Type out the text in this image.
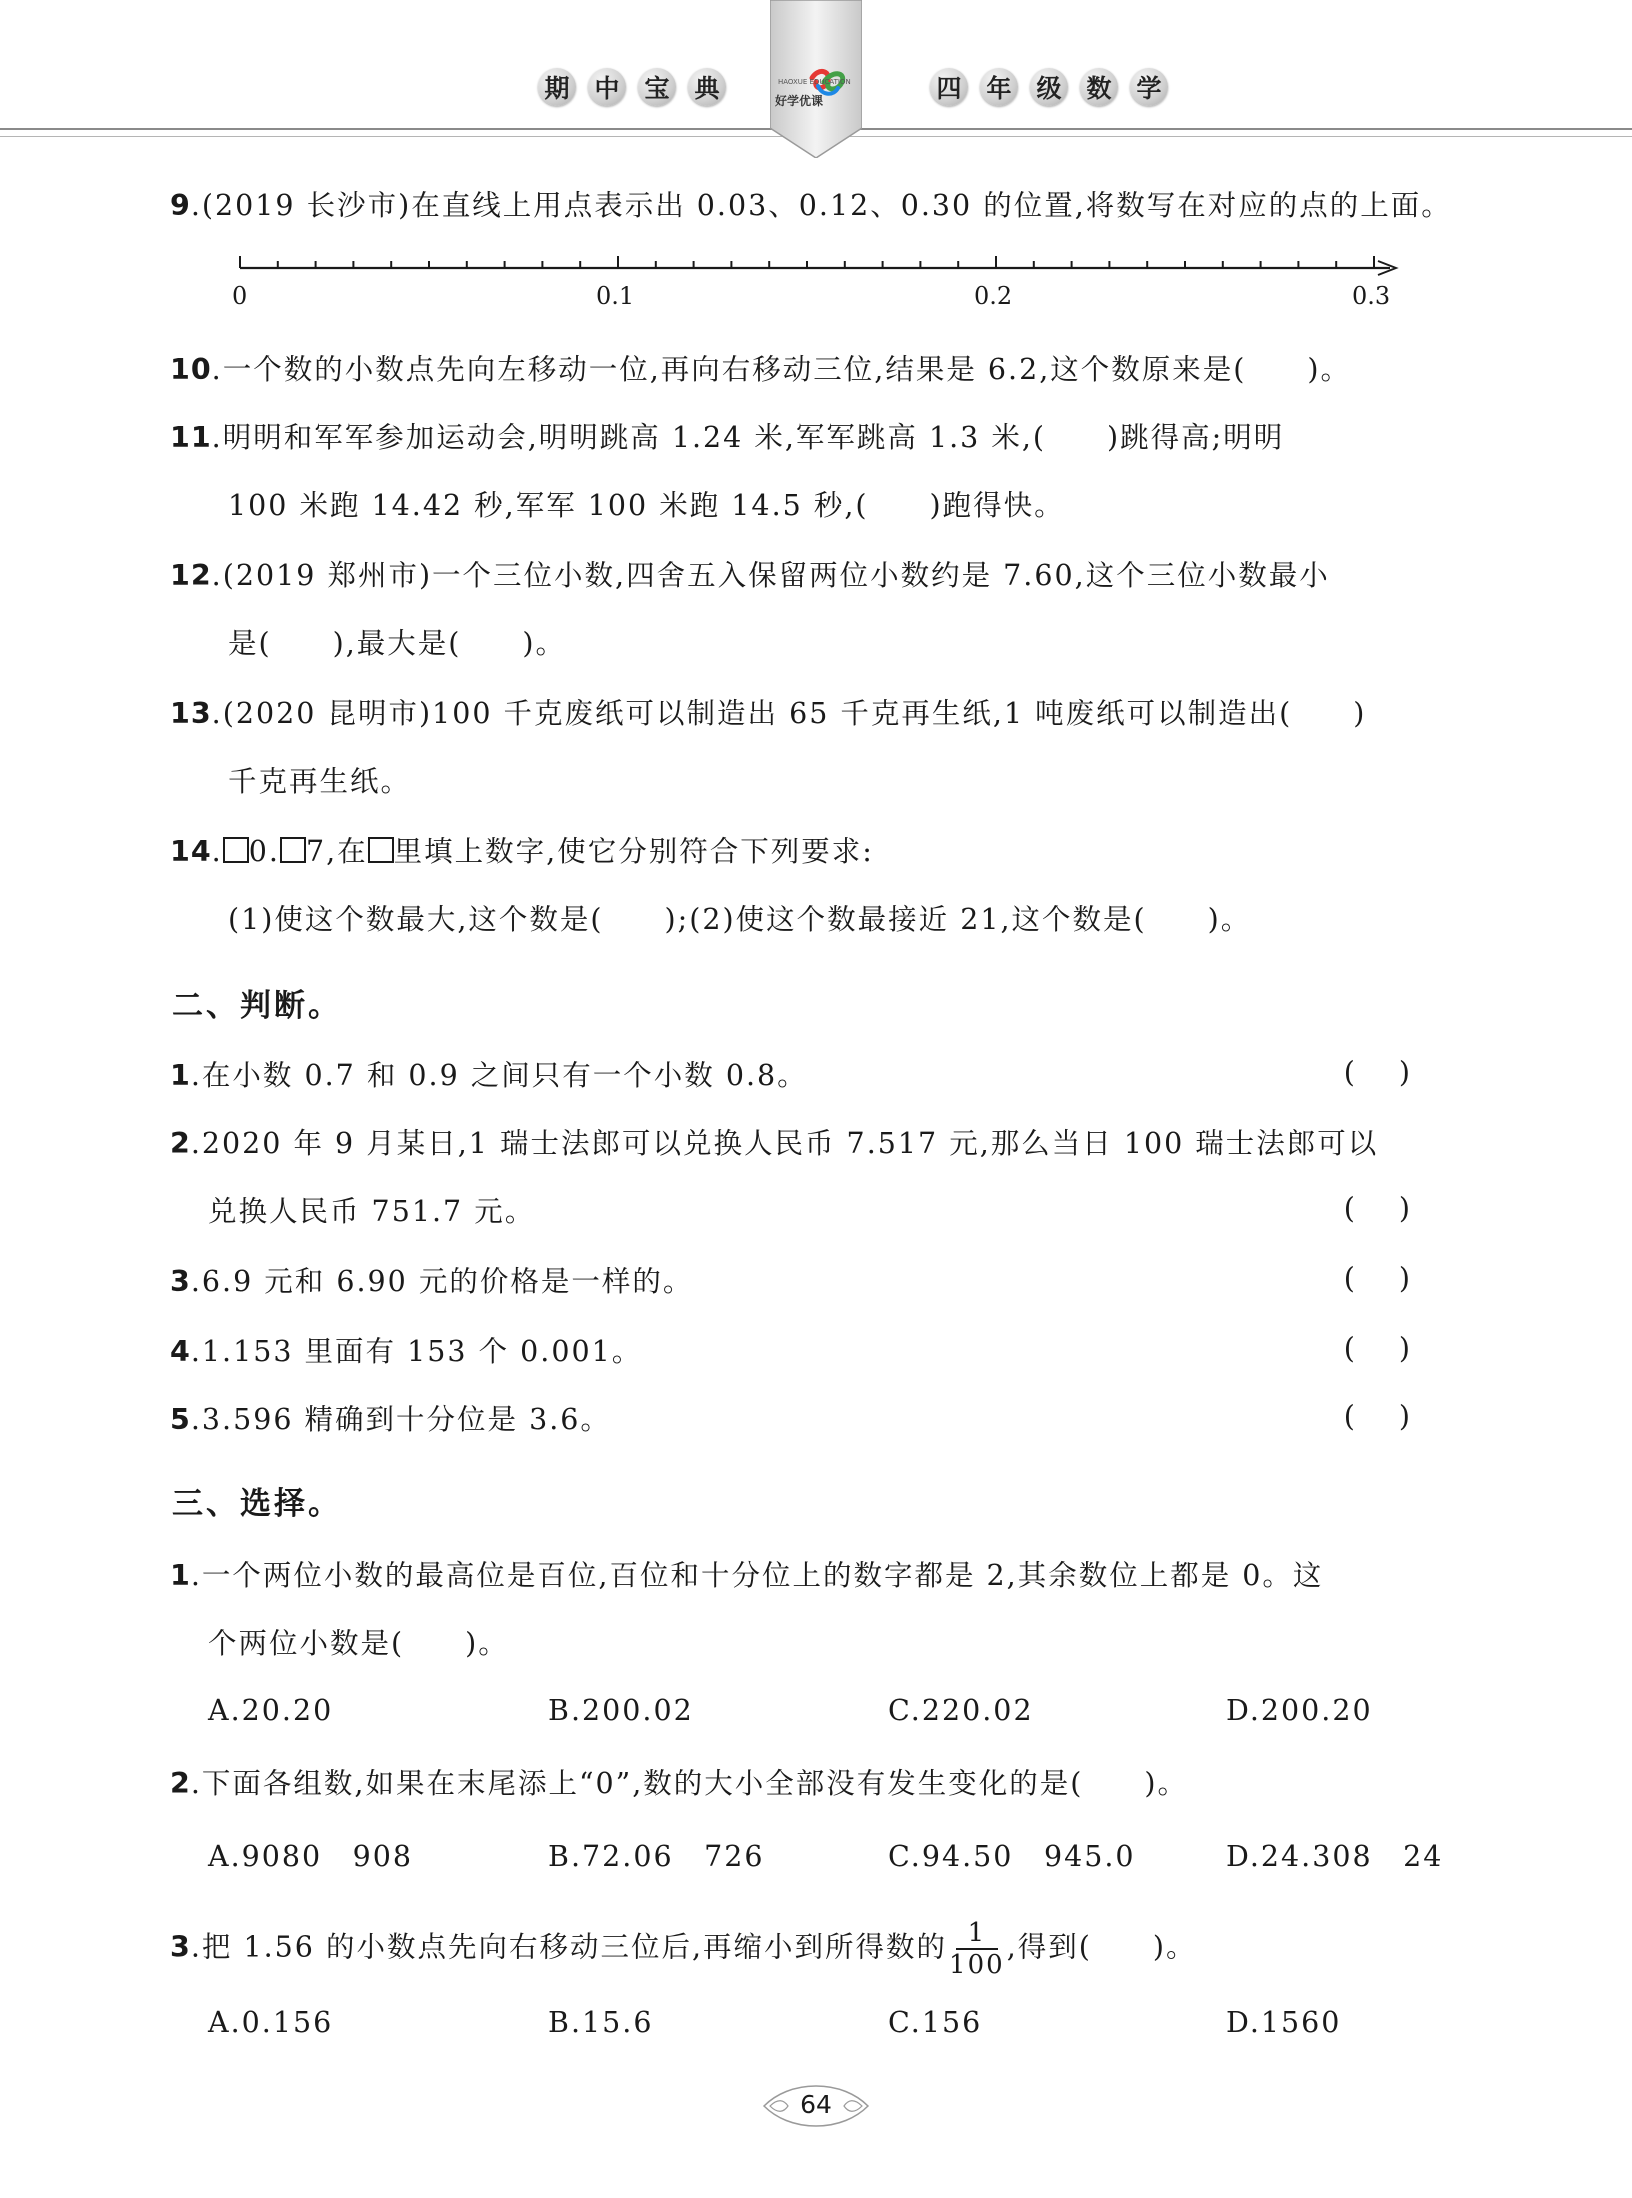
期 中 宝 典	HAOXUE EDUCATION
好学优课	四 年 级 数 学

9.(2019 长沙市)在直线上用点表示出 0.03、0.12、0.30 的位置,将数写在对应的点的上面。

0	0.1	0.2	0.3

10.一个数的小数点先向左移动一位,再向右移动三位,结果是 6.2,这个数原来是(　　)。

11.明明和军军参加运动会,明明跳高 1.24 米,军军跳高 1.3 米,(　　)跳得高;明明

100 米跑 14.42 秒,军军 100 米跑 14.5 秒,(　　)跑得快。

12.(2019 郑州市)一个三位小数,四舍五入保留两位小数约是 7.60,这个三位小数最小

是(　　),最大是(　　)。

13.(2020 昆明市)100 千克废纸可以制造出 65 千克再生纸,1 吨废纸可以制造出(　　)

千克再生纸。

14. 0. 7,在 里填上数字,使它分别符合下列要求:

(1)使这个数最大,这个数是(　　);(2)使这个数最接近 21,这个数是(　　)。

二、判断。

1.在小数 0.7 和 0.9 之间只有一个小数 0.8。	()

2.2020 年 9 月某日,1 瑞士法郎可以兑换人民币 7.517 元,那么当日 100 瑞士法郎可以

兑换人民币 751.7 元。	()

3.6.9 元和 6.90 元的价格是一样的。	()

4.1.153 里面有 153 个 0.001。	()

5.3.596 精确到十分位是 3.6。	()

三、选择。

1.一个两位小数的最高位是百位,百位和十分位上的数字都是 2,其余数位上都是 0。这

个两位小数是(　　)。

A.20.20	B.200.02	C.220.02	D.200.20

2.下面各组数,如果在末尾添上“0”,数的大小全部没有发生变化的是(　　)。

A.9080　908	B.72.06　726	C.94.50　945.0	D.24.308　24

3.把 1.56 的小数点先向右移动三位后,再缩小到所得数的 $\frac{1}{100}$ ,得到(　　)。

A.0.156	B.15.6	C.156	D.1560
64
